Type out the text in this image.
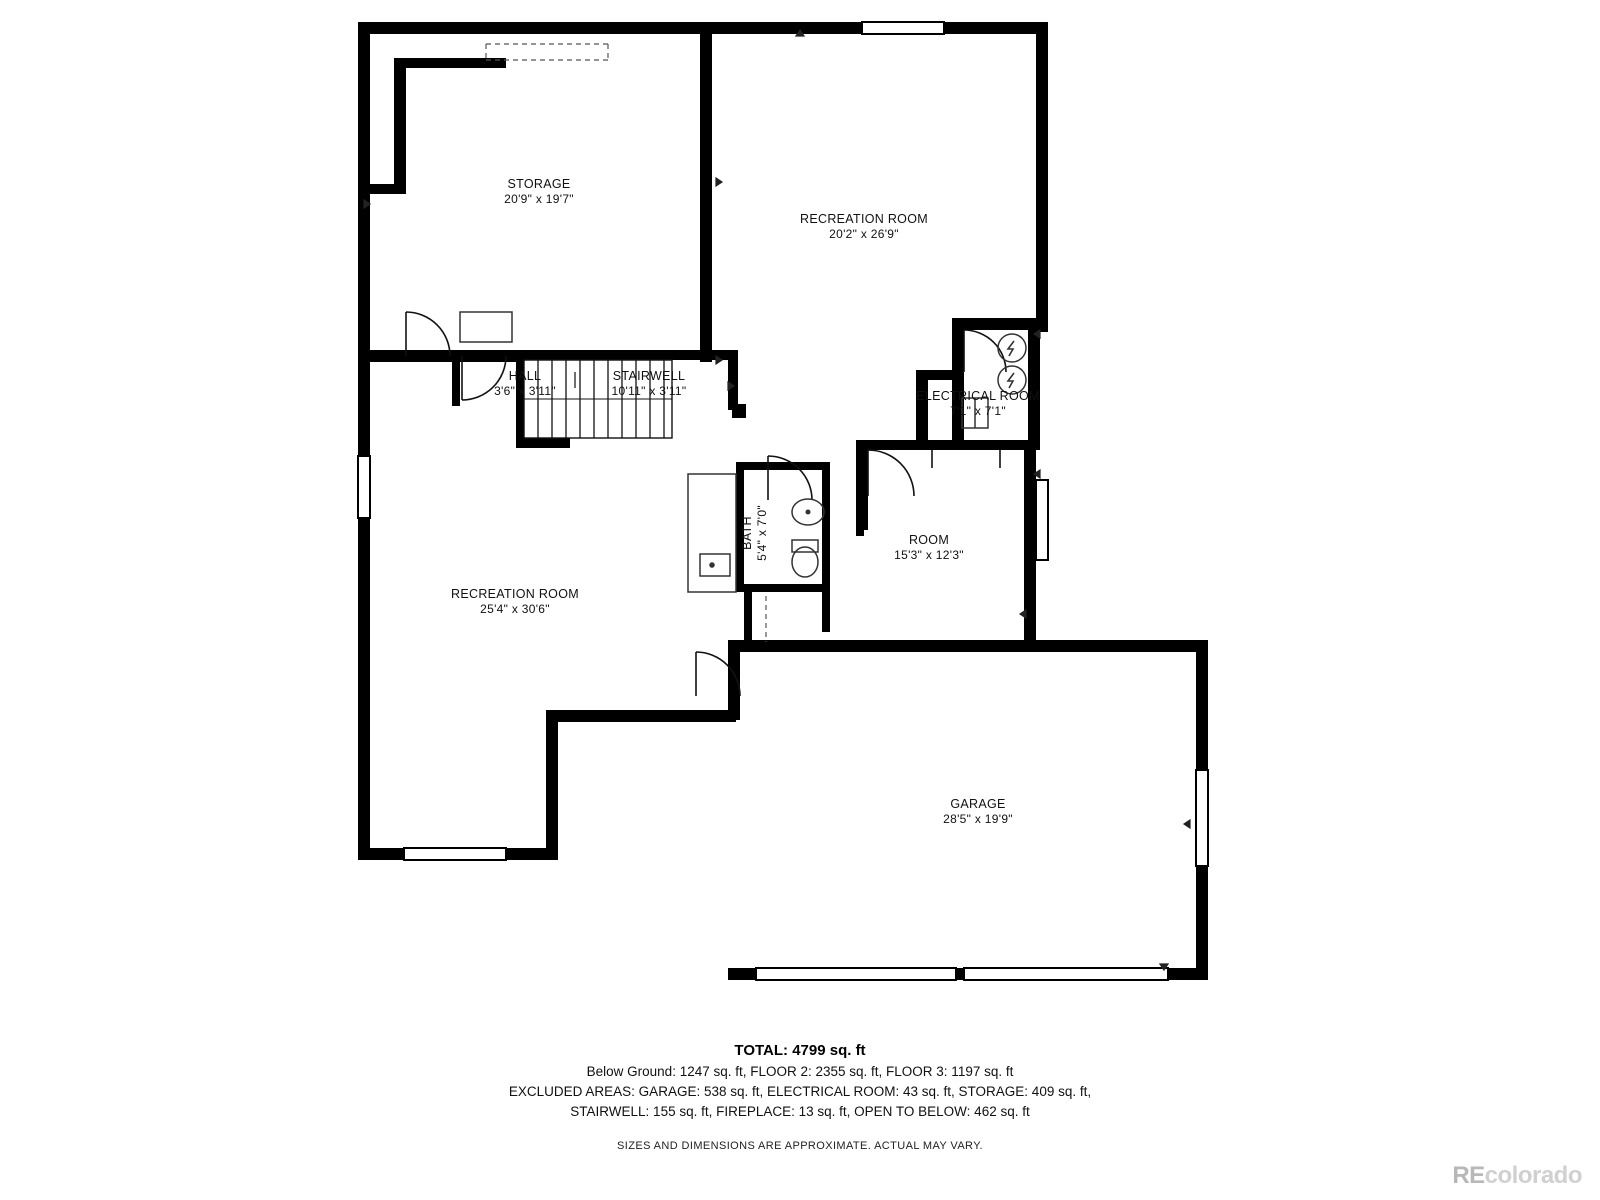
STORAGE
20'9" x 19'7"
RECREATION ROOM
20'2" x 26'9"
HALL
3'6" x 3'11"
STAIRWELL
10'11" x 3'11"	ELECTRICAL ROOM
7'1" x 7'1"
BATH 5'4" x 7'0"	ROOM
15'3" x 12'3"
RECREATION ROOM
25'4" x 30'6"
GARAGE
28'5" x 19'9"
TOTAL: 4799 sq. ft
Below Ground: 1247 sq. ft, FLOOR 2: 2355 sq. ft, FLOOR 3: 1197 sq. ft
EXCLUDED AREAS: GARAGE: 538 sq. ft, ELECTRICAL ROOM: 43 sq. ft, STORAGE: 409 sq. ft,
STAIRWELL: 155 sq. ft, FIREPLACE: 13 sq. ft, OPEN TO BELOW: 462 sq. ft
SIZES AND DIMENSIONS ARE APPROXIMATE. ACTUAL MAY VARY.
REcolorado
